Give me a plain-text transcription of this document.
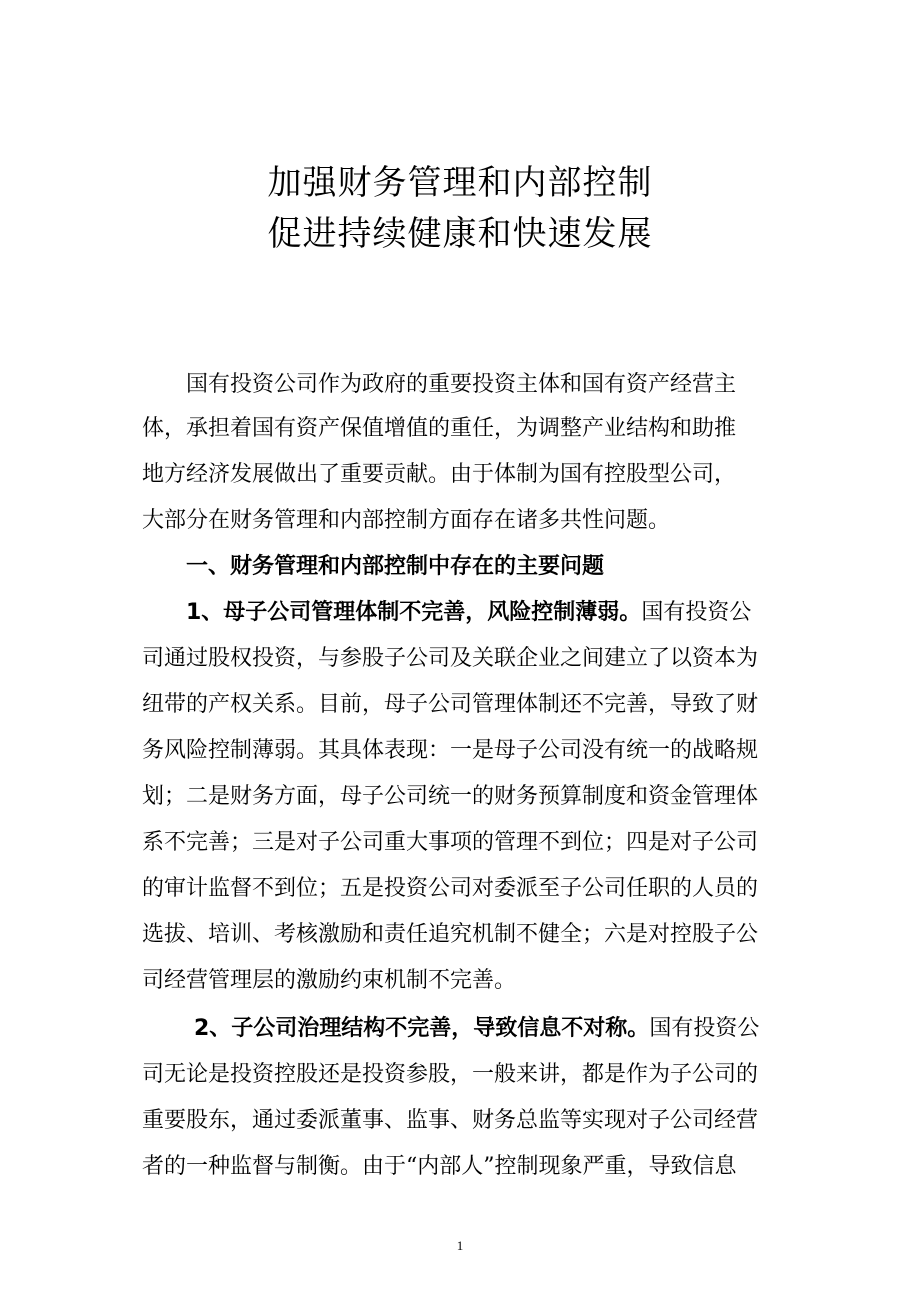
加强财务管理和内部控制
促进持续健康和快速发展
国有投资公司作为政府的重要投资主体和国有资产经营主
体，承担着国有资产保值增值的重任，为调整产业结构和助推
地方经济发展做出了重要贡献。由于体制为国有控股型公司，
大部分在财务管理和内部控制方面存在诸多共性问题。
一、财务管理和内部控制中存在的主要问题
1、母子公司管理体制不完善，风险控制薄弱。国有投资公
司通过股权投资，与参股子公司及关联企业之间建立了以资本为
纽带的产权关系。目前，母子公司管理体制还不完善，导致了财
务风险控制薄弱。其具体表现：一是母子公司没有统一的战略规
划；二是财务方面，母子公司统一的财务预算制度和资金管理体
系不完善；三是对子公司重大事项的管理不到位；四是对子公司
的审计监督不到位；五是投资公司对委派至子公司任职的人员的
选拔、培训、考核激励和责任追究机制不健全；六是对控股子公
司经营管理层的激励约束机制不完善。
2、子公司治理结构不完善，导致信息不对称。国有投资公
司无论是投资控股还是投资参股，一般来讲，都是作为子公司的
重要股东，通过委派董事、监事、财务总监等实现对子公司经营
者的一种监督与制衡。由于“内部人”控制现象严重，导致信息
1
